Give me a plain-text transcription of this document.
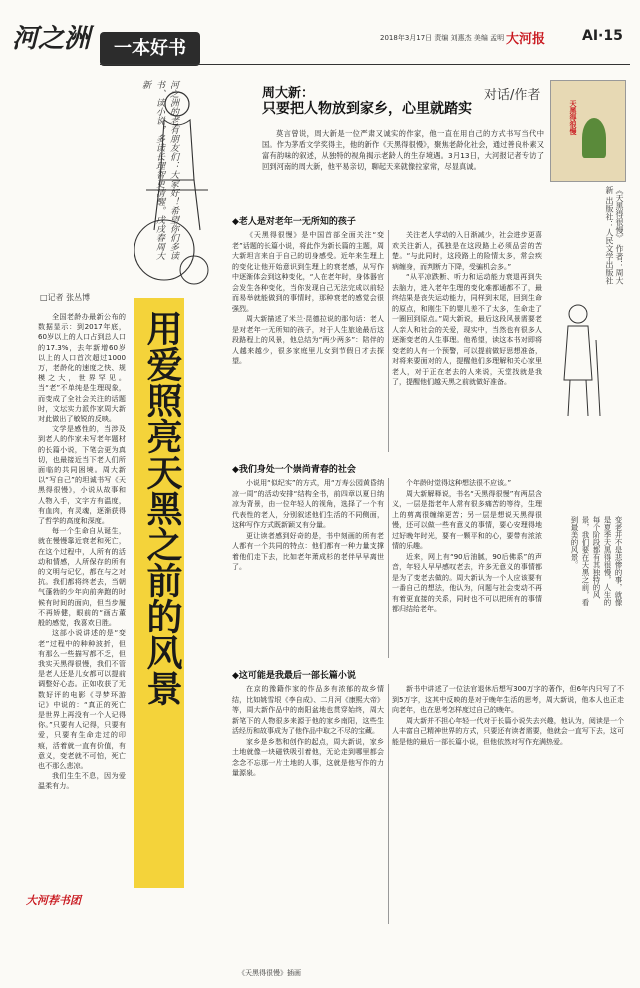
河之洲	一本好书	2018年3月17日 责编 刘惠杰 美编 孟明 大河报	AⅠ·15
河之洲的老有朋友们：大家好！希望你们多读书、读小说，多读长理智更清醒。戊戌春周大新
对话/作者
周大新：
只要把人物放到家乡，心里就踏实	天黑得很慢
《天黑得很慢》 作者：周大新 出版社：人民文学出版社
莫言曾说，周大新是一位严肃又诚实的作家，他一直在用自己的方式书写当代中国。作为茅盾文学奖得主，他的新作《天黑得很慢》，聚焦老龄化社会，通过善良朴素又富有韵味的叙述，从独特的视角揭示老龄人的生存境遇。3月13日，大河报记者专访了回到河南的周大新，他平易亲切，聊起天来就像拉家常，尽显真诚。
□记者 张丛博
用爱照亮天黑之前的风景

全国老龄办最新公布的数据显示：到2017年底，60岁以上的人口占到总人口的17.3%，去年新增60岁以上的人口首次超过1000万，老龄化的速度之快、规模之大，世界罕见。当“老”不单纯是生理现象，而变成了全社会关注的话题时，文坛实力派作家周大新对此做出了敏锐的反映。

文学是感性的，当涉及到老人的作家未写老年题材的长篇小说，下笔会更为真切，也最接近当下老人们所面临的共同困境。周大新以“写自己”的坦诚书写《天黑得很慢》，小说从故事和人物入手，文字方有温度，有血肉，有灵魂，逐渐获得了哲学的高度和深度。

每一个生命自从诞生，就在慢慢靠近衰老和死亡，在这个过程中，人所有的活动和情感，人所保存的所有的文明与记忆，都在与之对抗。我们都将终老去，当朝气蓬勃的少年向前奔跑的时候有时间的面向，但当步履不再矫健，眼前的“画古董般的感觉，我喜欢日胜。

这部小说讲述的是“变老”过程中的种种波折，但有那么一些描写都不乏，但我实天黑得很慢，我们不管是老人还是儿女都可以提前调整好心态。正如收获了无数好评的电影《寻梦环游记》中说的：“真正的死亡是世界上再没有一个人记得你。”只要有人记得，只要有爱，只要有生命走过的印痕，活着就一直有价值，有意义，变老就不可怕，死亡也不那么悲凉。

我们生生不息，因为爱温柔有力。

◆老人是对老年一无所知的孩子

《天黑得很慢》是中国首部全面关注“变老”话题的长篇小说，将此作为新长篇的主题，周大新坦言来自于自己的切身感受。近年来生理上的变化让他开始意识到生理上的衰老感，从写作中逐渐体会到这种变化，“人在老年时，身体器官会发生各种变化，当你发现自己无法完成以前轻而易举就能做到的事情时，那种衰老的感觉会很强烈。

周大新描述了米兰·昆德拉说的那句话：老人是对老年一无所知的孩子，对于人生旅途最后这段路程上的风景，他总结为“两少两多”：陪伴的人越来越少，很多家庭里儿女到节假日才去探望。

关注老人学动的入日渐减少，社会进步更喜欢关注新人，孤独是在这段路上必须品尝的苦楚。“与此同时，这段路上的险情太多，常会疾病缠身，而判断力下降，受骗机会多。”

“从平凉跌断、听力和运动能力衰退再到失去脑力，进入老年生理的变化难都通都不了，最终结果是丧失运动能力，同样到末尾，回到生命的原点，和刚生下的婴儿差不了太多，生命走了一圈回到原点。”周大新说，最后这段风景需要老人亲人和社会的关爱，现实中，当然也有很多人逐渐变老的人生事理。他希望，读这本书对即将变老的人有一个预警，可以提前做好思想准备，对将来要面对的人，提醒他们多理解和关心家里老人，对于正在老去的人来说，天堂找就是我了，提醒他们越天黑之前就做好准备。

◆我们身处一个崇尚青春的社会

小说用“似纪实”的方式，用“万寿公园黄昏纳凉一周”的活动安排“结构全书，前四章以夏日纳凉为背景，由一位年轻人的视角，选择了一个有代表性的老人，分别叙述他们生活的不同侧面，这种写作方式既新颖又有分量。

更让读者感到好奇的是，书中刻画的所有老人都有一个共同的特点：他们都有一种力量支撑着他们走下去，比如老年萧成杉的老伴早早离世了。

个年龄时觉得这种想法很不应该。”

周大新解释说，书名“天黑得很慢”有两层含义，一层是指老年人常有很多痛苦的等待，生理上的剪离很缠绵更苦；另一层是想说天黑得很慢，还可以做一些有意义的事情，要心安理得地过好晚年时光，要有一颗平和的心，要带有浓浓情的乐趣。

近来，网上有“90后油腻，90后佛系”的声音，年轻人早早感叹老去，许多无意义的事情都是为了变老去做的。周大新认为一个人应该要有一番自己的想法，他认为，问题与社会变动不再有着更直接的关系，同时也不可以把所有的事情都归结给老年。

◆这可能是我最后一部长篇小说

在京的豫籍作家的作品多有浓郁的故乡情结，比如姚雪垠《李自成》、二月河《康熙大帝》等，周大新作品中的南阳盆地也贯穿始终，周大新笔下的人物很多来源于他的家乡南阳，这些生活经历和故事成为了他作品中取之不尽的宝藏。

家乡是乡愁和创作的起点，周大新说，家乡土地就像一块磁铁吸引着他，无论走到哪里都会念念不忘那一片土地的人事，这就是他写作的力量源泉。

新书中讲述了一位法官退休后想写300万字的著作，但6年内只写了不到5万字，这其中反映的是对于晚年生活的思考，周大新说，他本人也正走向老年，也在思考怎样度过自己的晚年。

周大新并不担心年轻一代对于长篇小说失去兴趣，他认为，阅读是一个人丰富自己精神世界的方式，只要还有读者需要，他就会一直写下去，这可能是他的最后一部长篇小说，但他依然对写作充满热爱。

变老并不是悲惨的事，就像是夏季天黑得很慢，人生的每个阶段都有其独特的风景，我们要在天黑之前，看到最美的风景。
大河荐书团
《天黑得很慢》插画
